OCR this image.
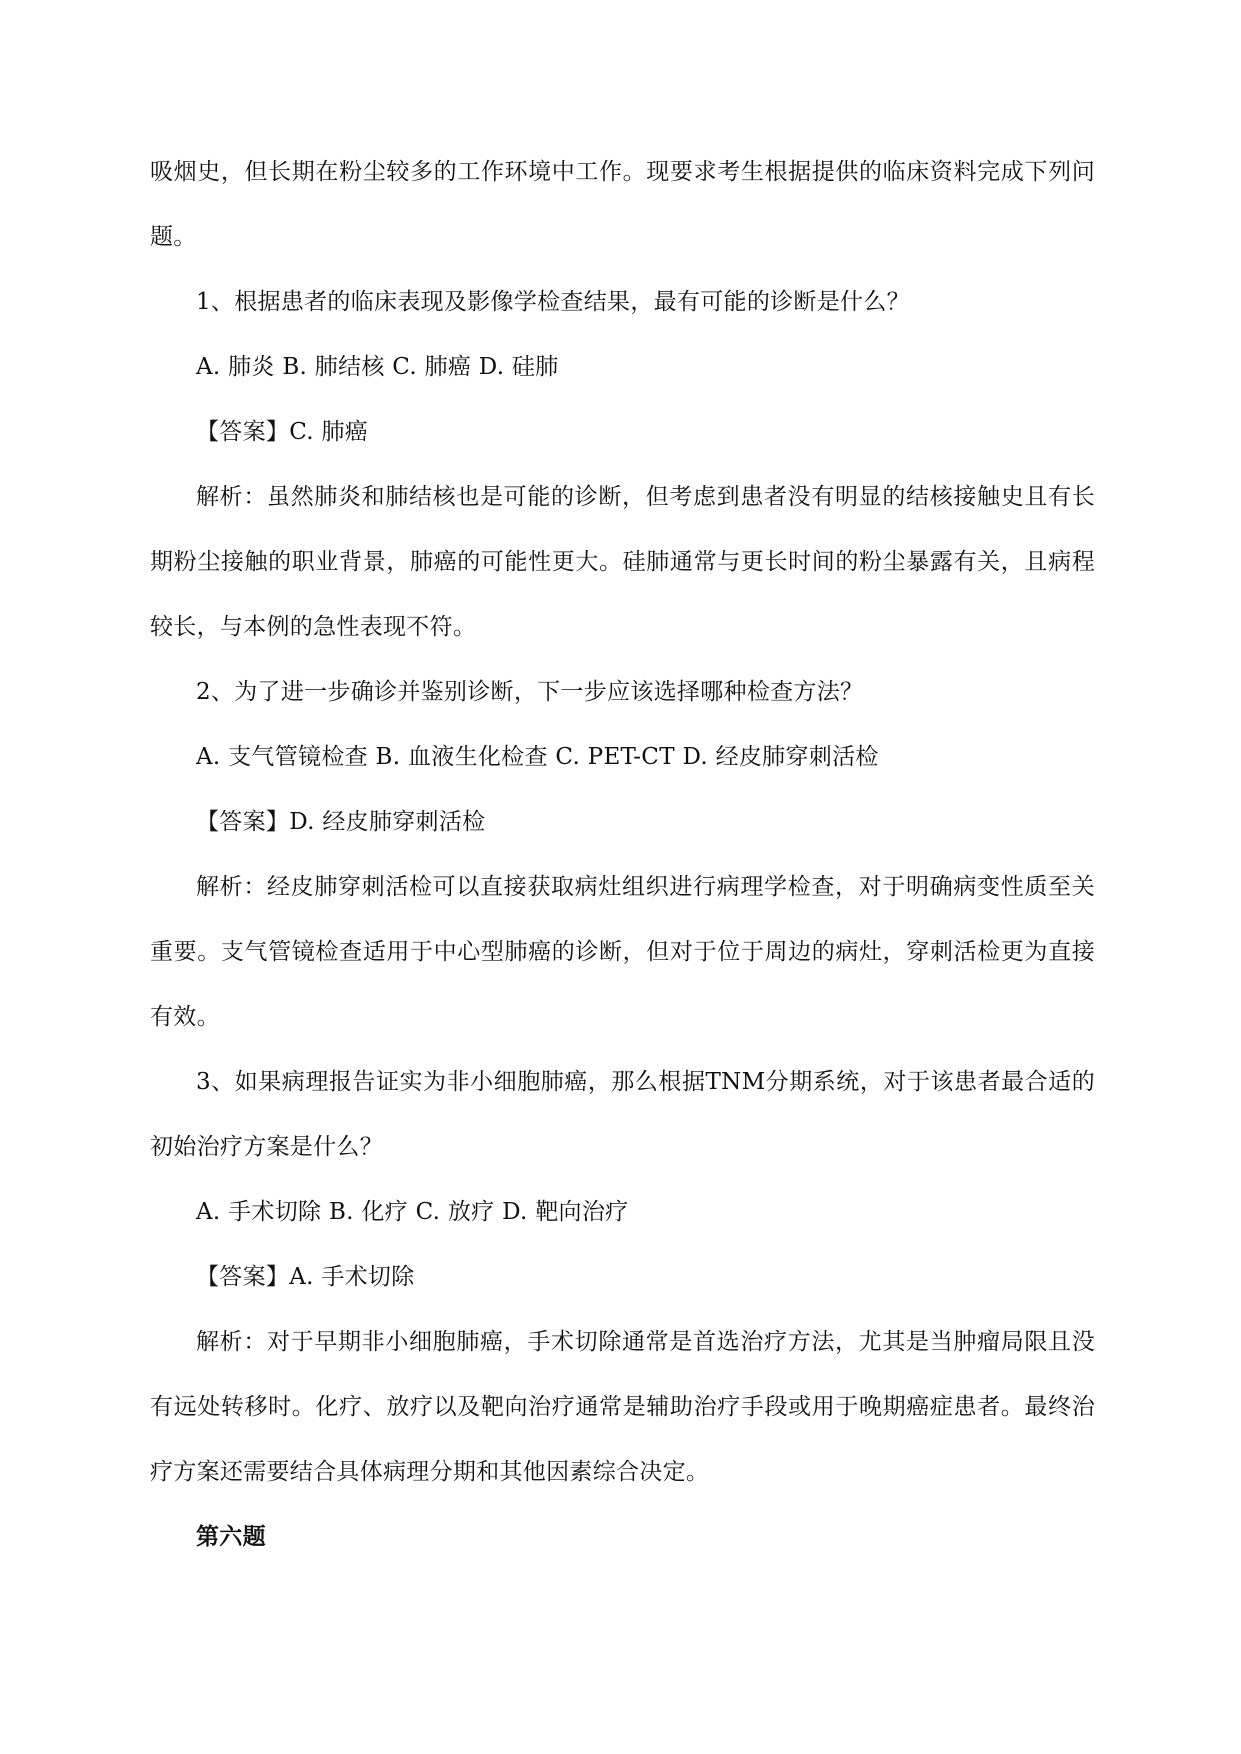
吸烟史，但长期在粉尘较多的工作环境中工作。现要求考生根据提供的临床资料完成下列问题。

1、根据患者的临床表现及影像学检查结果，最有可能的诊断是什么？

A. 肺炎 B. 肺结核 C. 肺癌 D. 硅肺

【答案】C. 肺癌

解析：虽然肺炎和肺结核也是可能的诊断，但考虑到患者没有明显的结核接触史且有长期粉尘接触的职业背景，肺癌的可能性更大。硅肺通常与更长时间的粉尘暴露有关，且病程较长，与本例的急性表现不符。

2、为了进一步确诊并鉴别诊断，下一步应该选择哪种检查方法？

A. 支气管镜检查 B. 血液生化检查 C. PET-CT D. 经皮肺穿刺活检

【答案】D. 经皮肺穿刺活检

解析：经皮肺穿刺活检可以直接获取病灶组织进行病理学检查，对于明确病变性质至关重要。支气管镜检查适用于中心型肺癌的诊断，但对于位于周边的病灶，穿刺活检更为直接有效。

3、如果病理报告证实为非小细胞肺癌，那么根据TNM分期系统，对于该患者最合适的初始治疗方案是什么？

A. 手术切除 B. 化疗 C. 放疗 D. 靶向治疗

【答案】A. 手术切除

解析：对于早期非小细胞肺癌，手术切除通常是首选治疗方法，尤其是当肿瘤局限且没有远处转移时。化疗、放疗以及靶向治疗通常是辅助治疗手段或用于晚期癌症患者。最终治疗方案还需要结合具体病理分期和其他因素综合决定。

第六题
